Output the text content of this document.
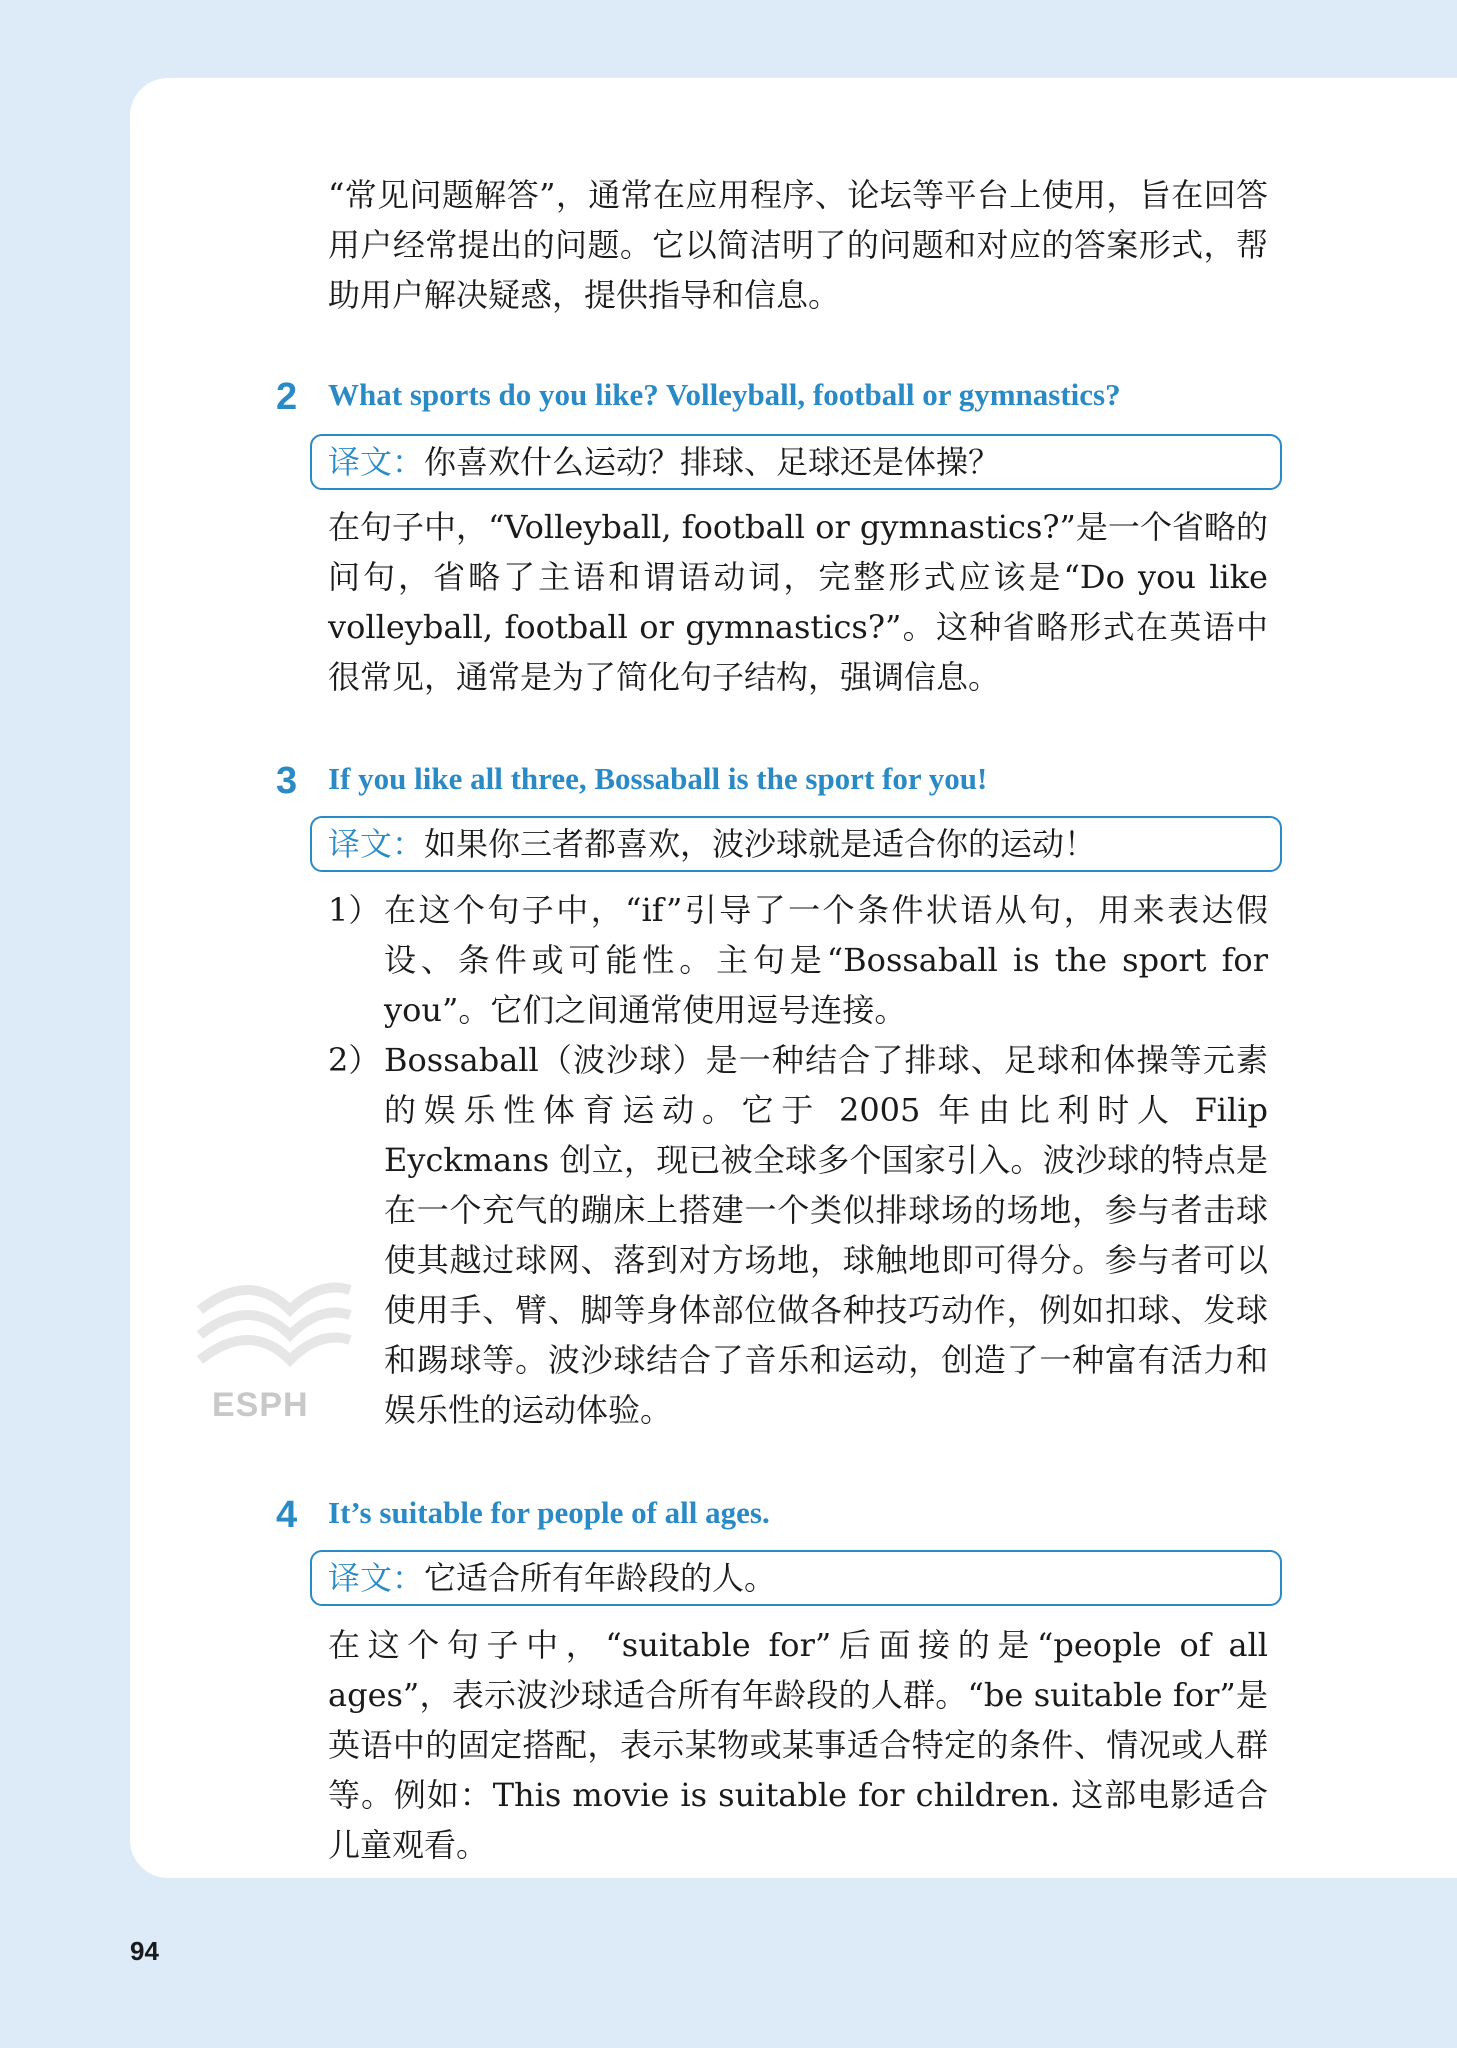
“常见问题解答”，通常在应用程序、论坛等平台上使用，旨在回答用户经常提出的问题。它以简洁明了的问题和对应的答案形式，帮助用户解决疑惑，提供指导和信息。

2 What sports do you like? Volleyball, football or gymnastics?
译文：你喜欢什么运动？排球、足球还是体操？

在句子中，“Volleyball, football or gymnastics?”是一个省略的问句，省略了主语和谓语动词，完整形式应该是“Do you like volleyball, football or gymnastics?”。这种省略形式在英语中很常见，通常是为了简化句子结构，强调信息。

3 If you like all three, Bossaball is the sport for you!
译文：如果你三者都喜欢，波沙球就是适合你的运动！
1） 在这个句子中，“if”引导了一个条件状语从句，用来表达假设、条件或可能性。主句是“Bossaball is the sport for you”。它们之间通常使用逗号连接。
2） Bossaball（波沙球）是一种结合了排球、足球和体操等元素的娱乐性体育运动。它于 2005 年由比利时人 Filip Eyckmans 创立，现已被全球多个国家引入。波沙球的特点是在一个充气的蹦床上搭建一个类似排球场的场地，参与者击球使其越过球网、落到对方场地，球触地即可得分。参与者可以使用手、臂、脚等身体部位做各种技巧动作，例如扣球、发球和踢球等。波沙球结合了音乐和运动，创造了一种富有活力和娱乐性的运动体验。
ESPH
4 It’s suitable for people of all ages.
译文：它适合所有年龄段的人。

在这个句子中，“suitable for”后面接的是“people of all ages”，表示波沙球适合所有年龄段的人群。“be suitable for”是英语中的固定搭配，表示某物或某事适合特定的条件、情况或人群等。例如：This movie is suitable for children. 这部电影适合儿童观看。

94
